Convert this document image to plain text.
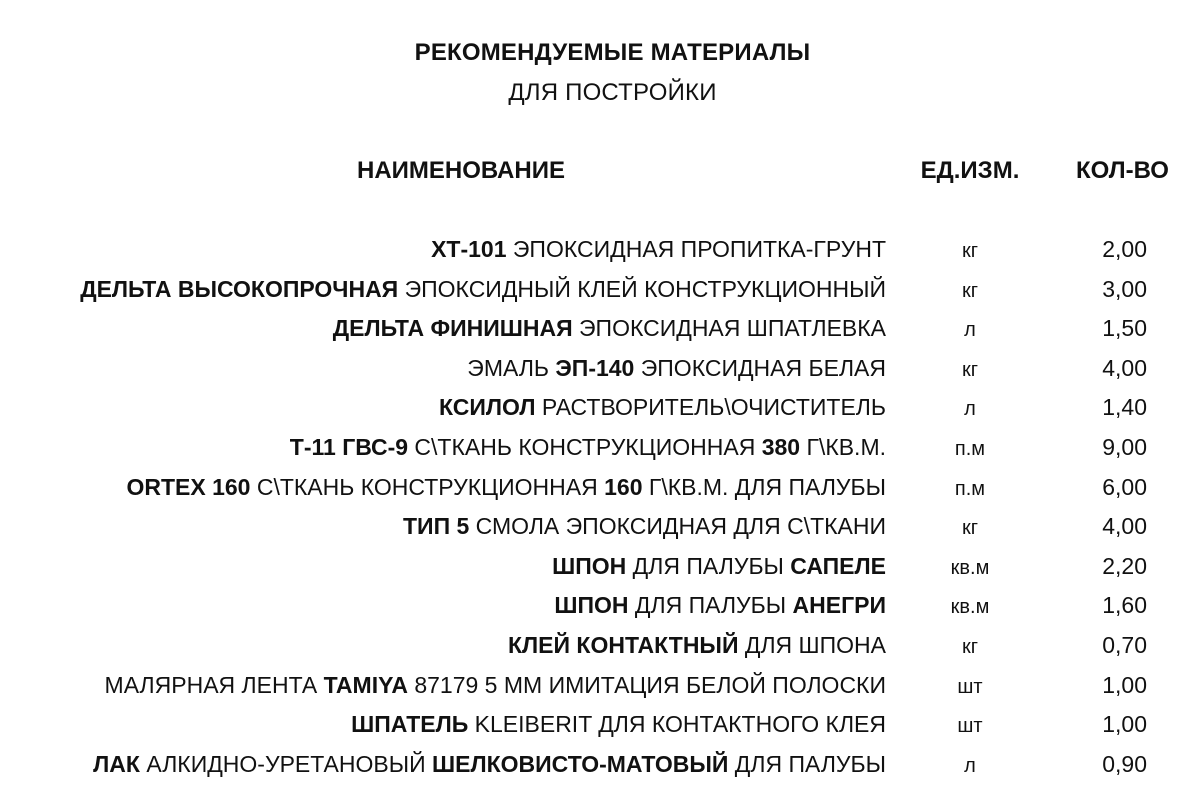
РЕКОМЕНДУЕМЫЕ МАТЕРИАЛЫ
ДЛЯ ПОСТРОЙКИ
НАИМЕНОВАНИЕ	ЕД.ИЗМ.	КОЛ-ВО
ХТ-101 ЭПОКСИДНАЯ ПРОПИТКА-ГРУНТ	кг	2,00
ДЕЛЬТА ВЫСОКОПРОЧНАЯ ЭПОКСИДНЫЙ КЛЕЙ КОНСТРУКЦИОННЫЙ	кг	3,00
ДЕЛЬТА ФИНИШНАЯ ЭПОКСИДНАЯ ШПАТЛЕВКА	л	1,50
ЭМАЛЬ ЭП-140 ЭПОКСИДНАЯ БЕЛАЯ	кг	4,00
КСИЛОЛ РАСТВОРИТЕЛЬ\ОЧИСТИТЕЛЬ	л	1,40
Т-11 ГВС-9 С\ТКАНЬ КОНСТРУКЦИОННАЯ 380 Г\КВ.М.	п.м	9,00
ORTEX 160 С\ТКАНЬ КОНСТРУКЦИОННАЯ 160 Г\КВ.М. ДЛЯ ПАЛУБЫ	п.м	6,00
ТИП 5 СМОЛА ЭПОКСИДНАЯ ДЛЯ С\ТКАНИ	кг	4,00
ШПОН ДЛЯ ПАЛУБЫ САПЕЛЕ	кв.м	2,20
ШПОН ДЛЯ ПАЛУБЫ АНЕГРИ	кв.м	1,60
КЛЕЙ КОНТАКТНЫЙ ДЛЯ ШПОНА	кг	0,70
МАЛЯРНАЯ ЛЕНТА TAMIYA 87179 5 ММ ИМИТАЦИЯ БЕЛОЙ ПОЛОСКИ	шт	1,00
ШПАТЕЛЬ KLEIBERIT ДЛЯ КОНТАКТНОГО КЛЕЯ	шт	1,00
ЛАК АЛКИДНО-УРЕТАНОВЫЙ ШЕЛКОВИСТО-МАТОВЫЙ ДЛЯ ПАЛУБЫ	л	0,90
